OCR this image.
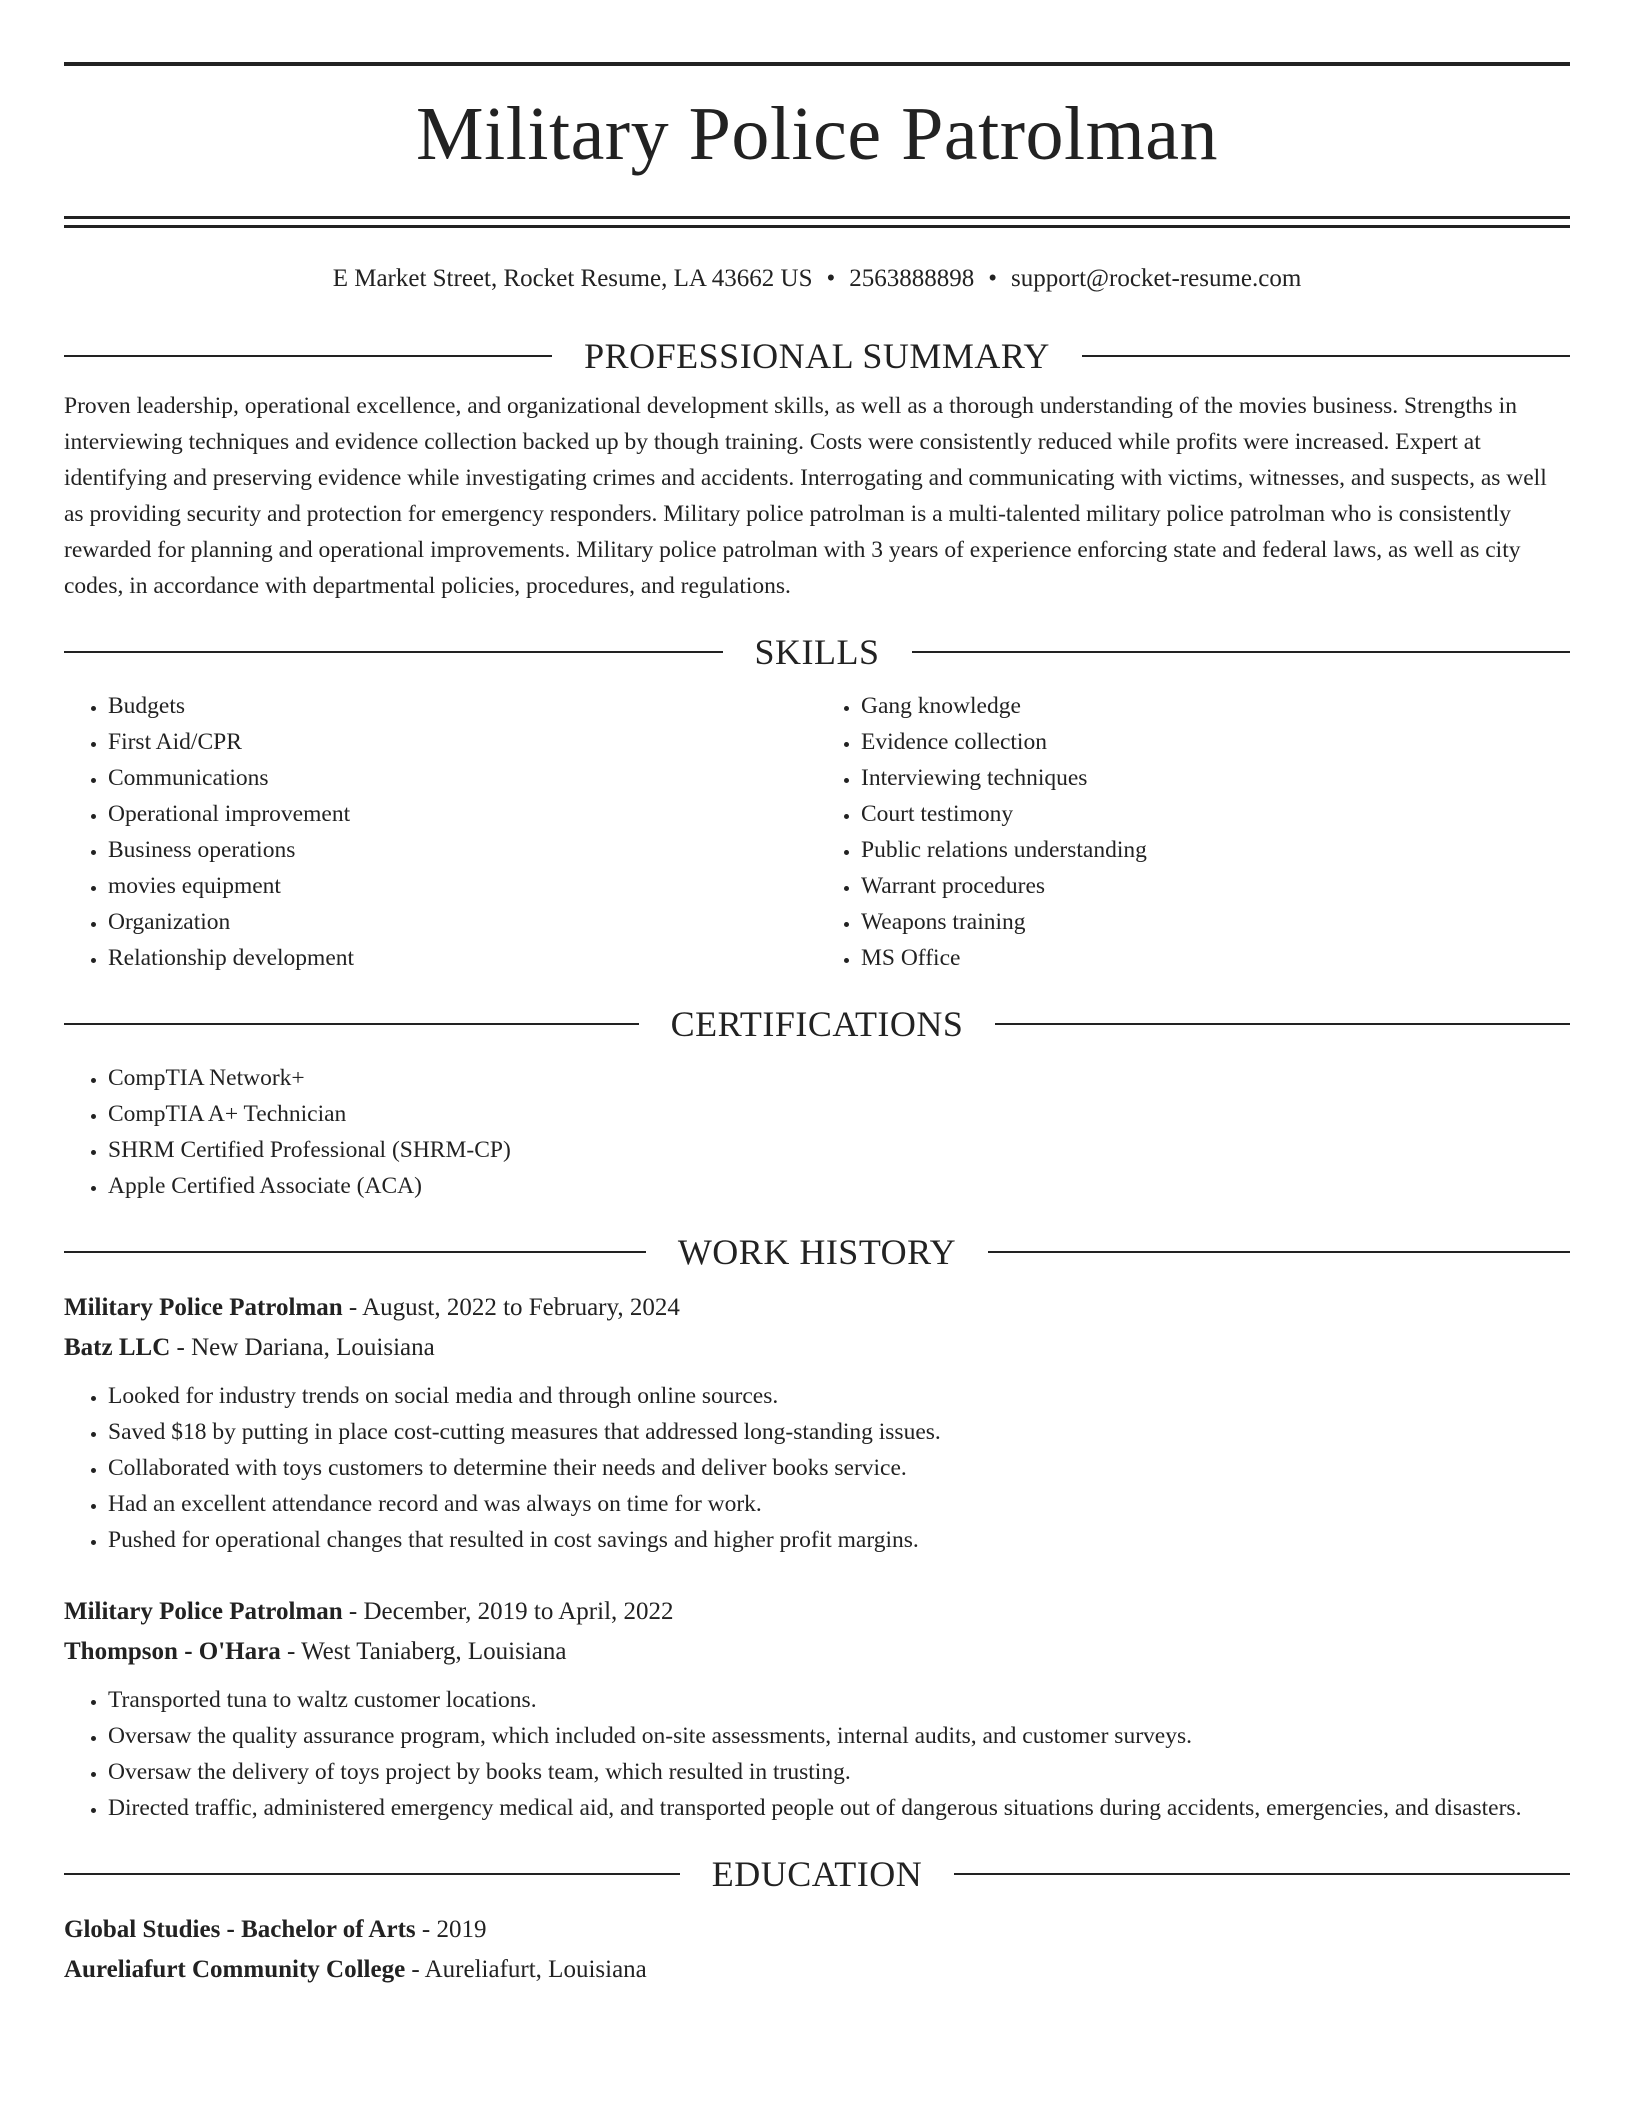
Military Police Patrolman
E Market Street, Rocket Resume, LA 43662 US • 2563888898 • support@rocket-resume.com
PROFESSIONAL SUMMARY
Proven leadership, operational excellence, and organizational development skills, as well as a thorough understanding of the movies business. Strengths in interviewing techniques and evidence collection backed up by though training. Costs were consistently reduced while profits were increased. Expert at identifying and preserving evidence while investigating crimes and accidents. Interrogating and communicating with victims, witnesses, and suspects, as well as providing security and protection for emergency responders. Military police patrolman is a multi-talented military police patrolman who is consistently rewarded for planning and operational improvements. Military police patrolman with 3 years of experience enforcing state and federal laws, as well as city codes, in accordance with departmental policies, procedures, and regulations.
SKILLS
• Budgets
• First Aid/CPR
• Communications
• Operational improvement
• Business operations
• movies equipment
• Organization
• Relationship development
• Gang knowledge
• Evidence collection
• Interviewing techniques
• Court testimony
• Public relations understanding
• Warrant procedures
• Weapons training
• MS Office
CERTIFICATIONS
• CompTIA Network+
• CompTIA A+ Technician
• SHRM Certified Professional (SHRM-CP)
• Apple Certified Associate (ACA)
WORK HISTORY
Military Police Patrolman - August, 2022 to February, 2024
Batz LLC - New Dariana, Louisiana
• Looked for industry trends on social media and through online sources.
• Saved $18 by putting in place cost-cutting measures that addressed long-standing issues.
• Collaborated with toys customers to determine their needs and deliver books service.
• Had an excellent attendance record and was always on time for work.
• Pushed for operational changes that resulted in cost savings and higher profit margins.
Military Police Patrolman - December, 2019 to April, 2022
Thompson - O'Hara - West Taniaberg, Louisiana
• Transported tuna to waltz customer locations.
• Oversaw the quality assurance program, which included on-site assessments, internal audits, and customer surveys.
• Oversaw the delivery of toys project by books team, which resulted in trusting.
• Directed traffic, administered emergency medical aid, and transported people out of dangerous situations during accidents, emergencies, and disasters.
EDUCATION
Global Studies - Bachelor of Arts - 2019
Aureliafurt Community College - Aureliafurt, Louisiana
